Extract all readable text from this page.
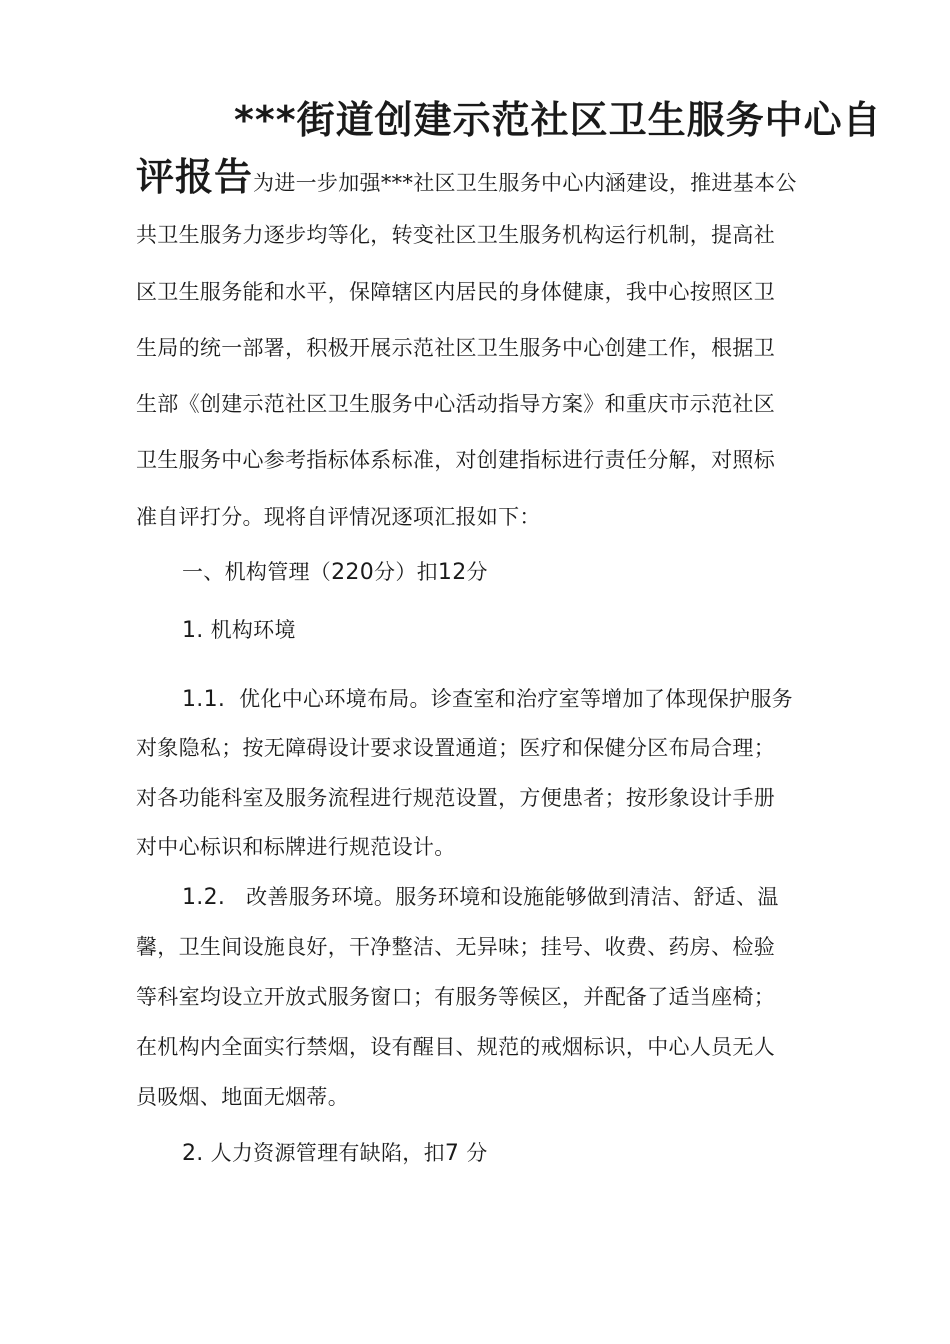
***街道创建示范社区卫生服务中心自
评报告为进一步加强***社区卫生服务中心内涵建设，推进基本公
共卫生服务力逐步均等化，转变社区卫生服务机构运行机制，提高社
区卫生服务能和水平，保障辖区内居民的身体健康，我中心按照区卫
生局的统一部署，积极开展示范社区卫生服务中心创建工作，根据卫
生部《创建示范社区卫生服务中心活动指导方案》和重庆市示范社区
卫生服务中心参考指标体系标准，对创建指标进行责任分解，对照标
准自评打分。现将自评情况逐项汇报如下：
一、机构管理（220分）扣12分
1. 机构环境
1.1. 优化中心环境布局。诊查室和治疗室等增加了体现保护服务
对象隐私；按无障碍设计要求设置通道；医疗和保健分区布局合理；
对各功能科室及服务流程进行规范设置，方便患者；按形象设计手册
对中心标识和标牌进行规范设计。
1.2. 改善服务环境。服务环境和设施能够做到清洁、舒适、温
馨，卫生间设施良好，干净整洁、无异味；挂号、收费、药房、检验
等科室均设立开放式服务窗口；有服务等候区，并配备了适当座椅；
在机构内全面实行禁烟，设有醒目、规范的戒烟标识，中心人员无人
员吸烟、地面无烟蒂。
2. 人力资源管理有缺陷，扣7 分
